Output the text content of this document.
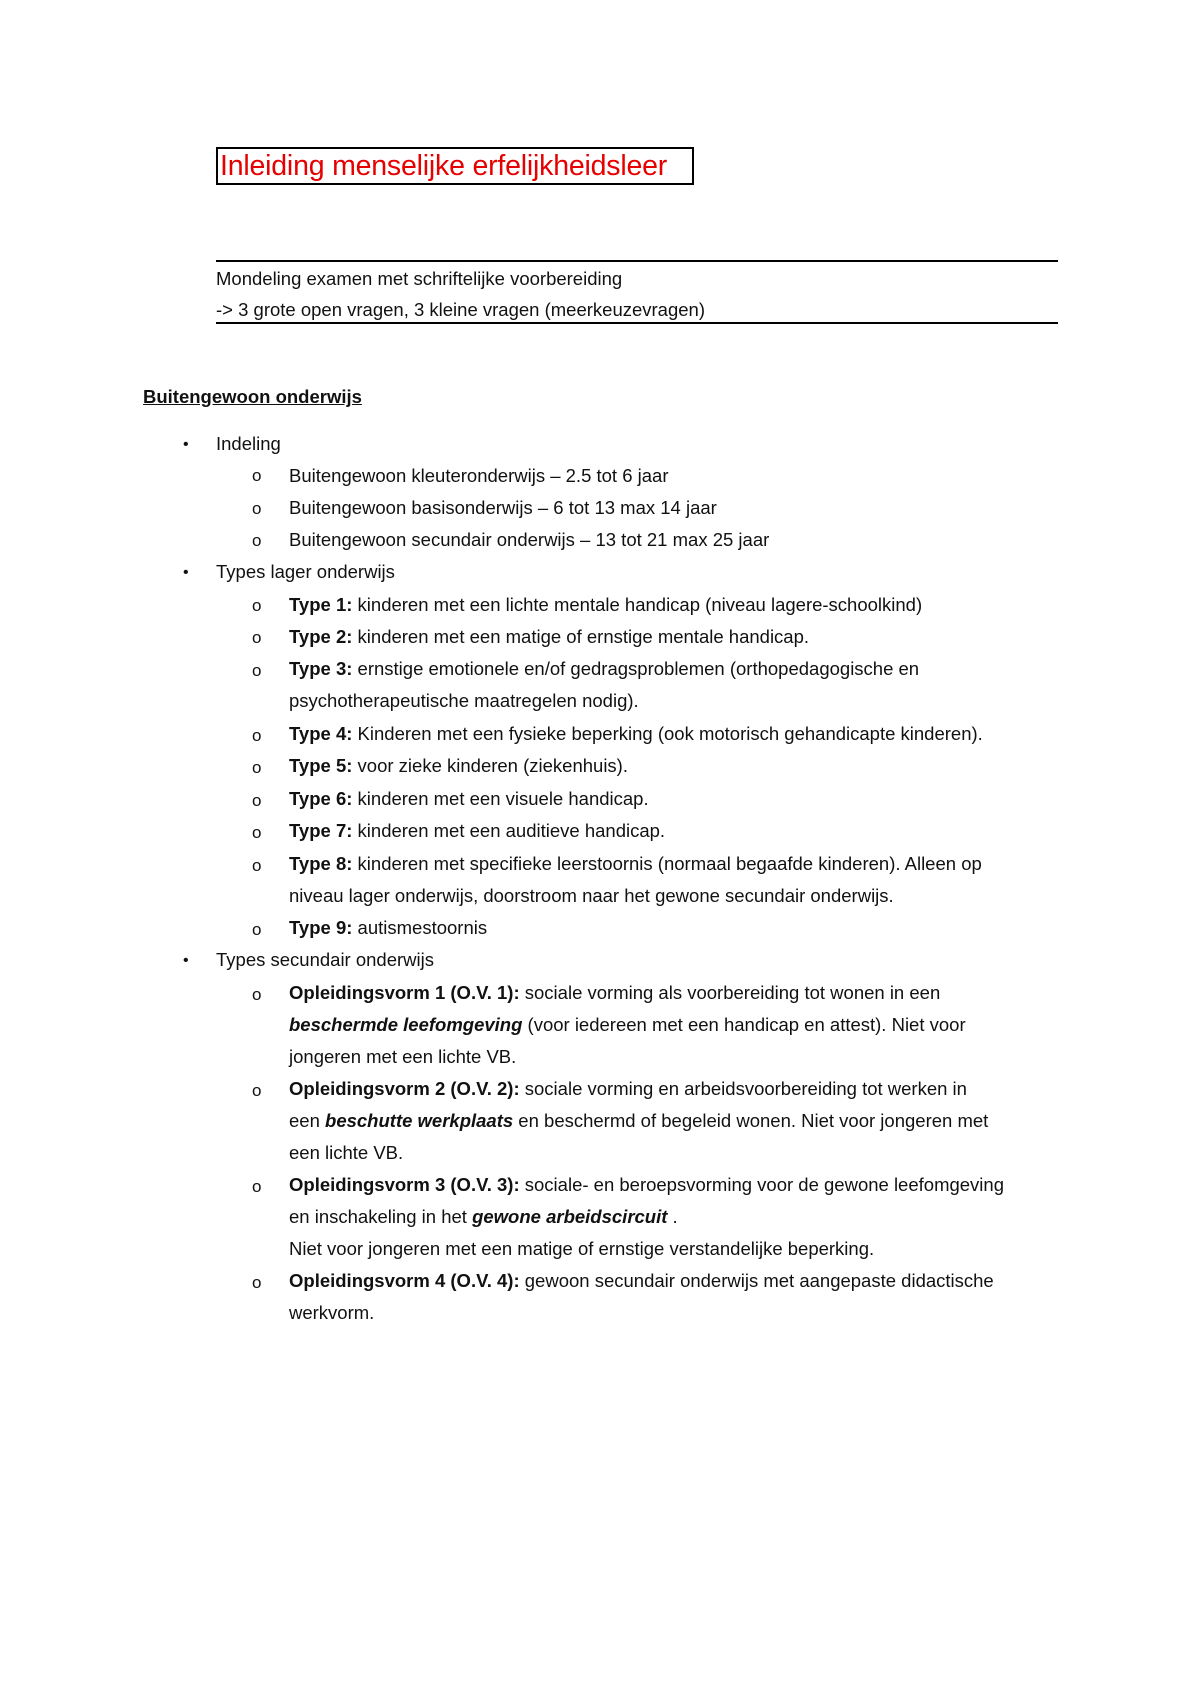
Inleiding menselijke erfelijkheidsleer
Mondeling examen met schriftelijke voorbereiding
-> 3 grote open vragen, 3 kleine vragen (meerkeuzevragen)
Buitengewoon onderwijs
• Indeling
o Buitengewoon kleuteronderwijs – 2.5 tot 6 jaar
o Buitengewoon basisonderwijs – 6 tot 13 max 14 jaar
o Buitengewoon secundair onderwijs – 13 tot 21 max 25 jaar
• Types lager onderwijs
o Type 1: kinderen met een lichte mentale handicap (niveau lagere-schoolkind)
o Type 2: kinderen met een matige of ernstige mentale handicap.
o Type 3: ernstige emotionele en/of gedragsproblemen (orthopedagogische en
psychotherapeutische maatregelen nodig).
o Type 4: Kinderen met een fysieke beperking (ook motorisch gehandicapte kinderen).
o Type 5: voor zieke kinderen (ziekenhuis).
o Type 6: kinderen met een visuele handicap.
o Type 7: kinderen met een auditieve handicap.
o Type 8: kinderen met specifieke leerstoornis (normaal begaafde kinderen). Alleen op
niveau lager onderwijs, doorstroom naar het gewone secundair onderwijs.
o Type 9: autismestoornis
• Types secundair onderwijs
o Opleidingsvorm 1 (O.V. 1): sociale vorming als voorbereiding tot wonen in een
beschermde leefomgeving (voor iedereen met een handicap en attest). Niet voor
jongeren met een lichte VB.
o Opleidingsvorm 2 (O.V. 2): sociale vorming en arbeidsvoorbereiding tot werken in
een beschutte werkplaats en beschermd of begeleid wonen. Niet voor jongeren met
een lichte VB.
o Opleidingsvorm 3 (O.V. 3): sociale- en beroepsvorming voor de gewone leefomgeving
en inschakeling in het gewone arbeidscircuit .
Niet voor jongeren met een matige of ernstige verstandelijke beperking.
o Opleidingsvorm 4 (O.V. 4): gewoon secundair onderwijs met aangepaste didactische
werkvorm.
